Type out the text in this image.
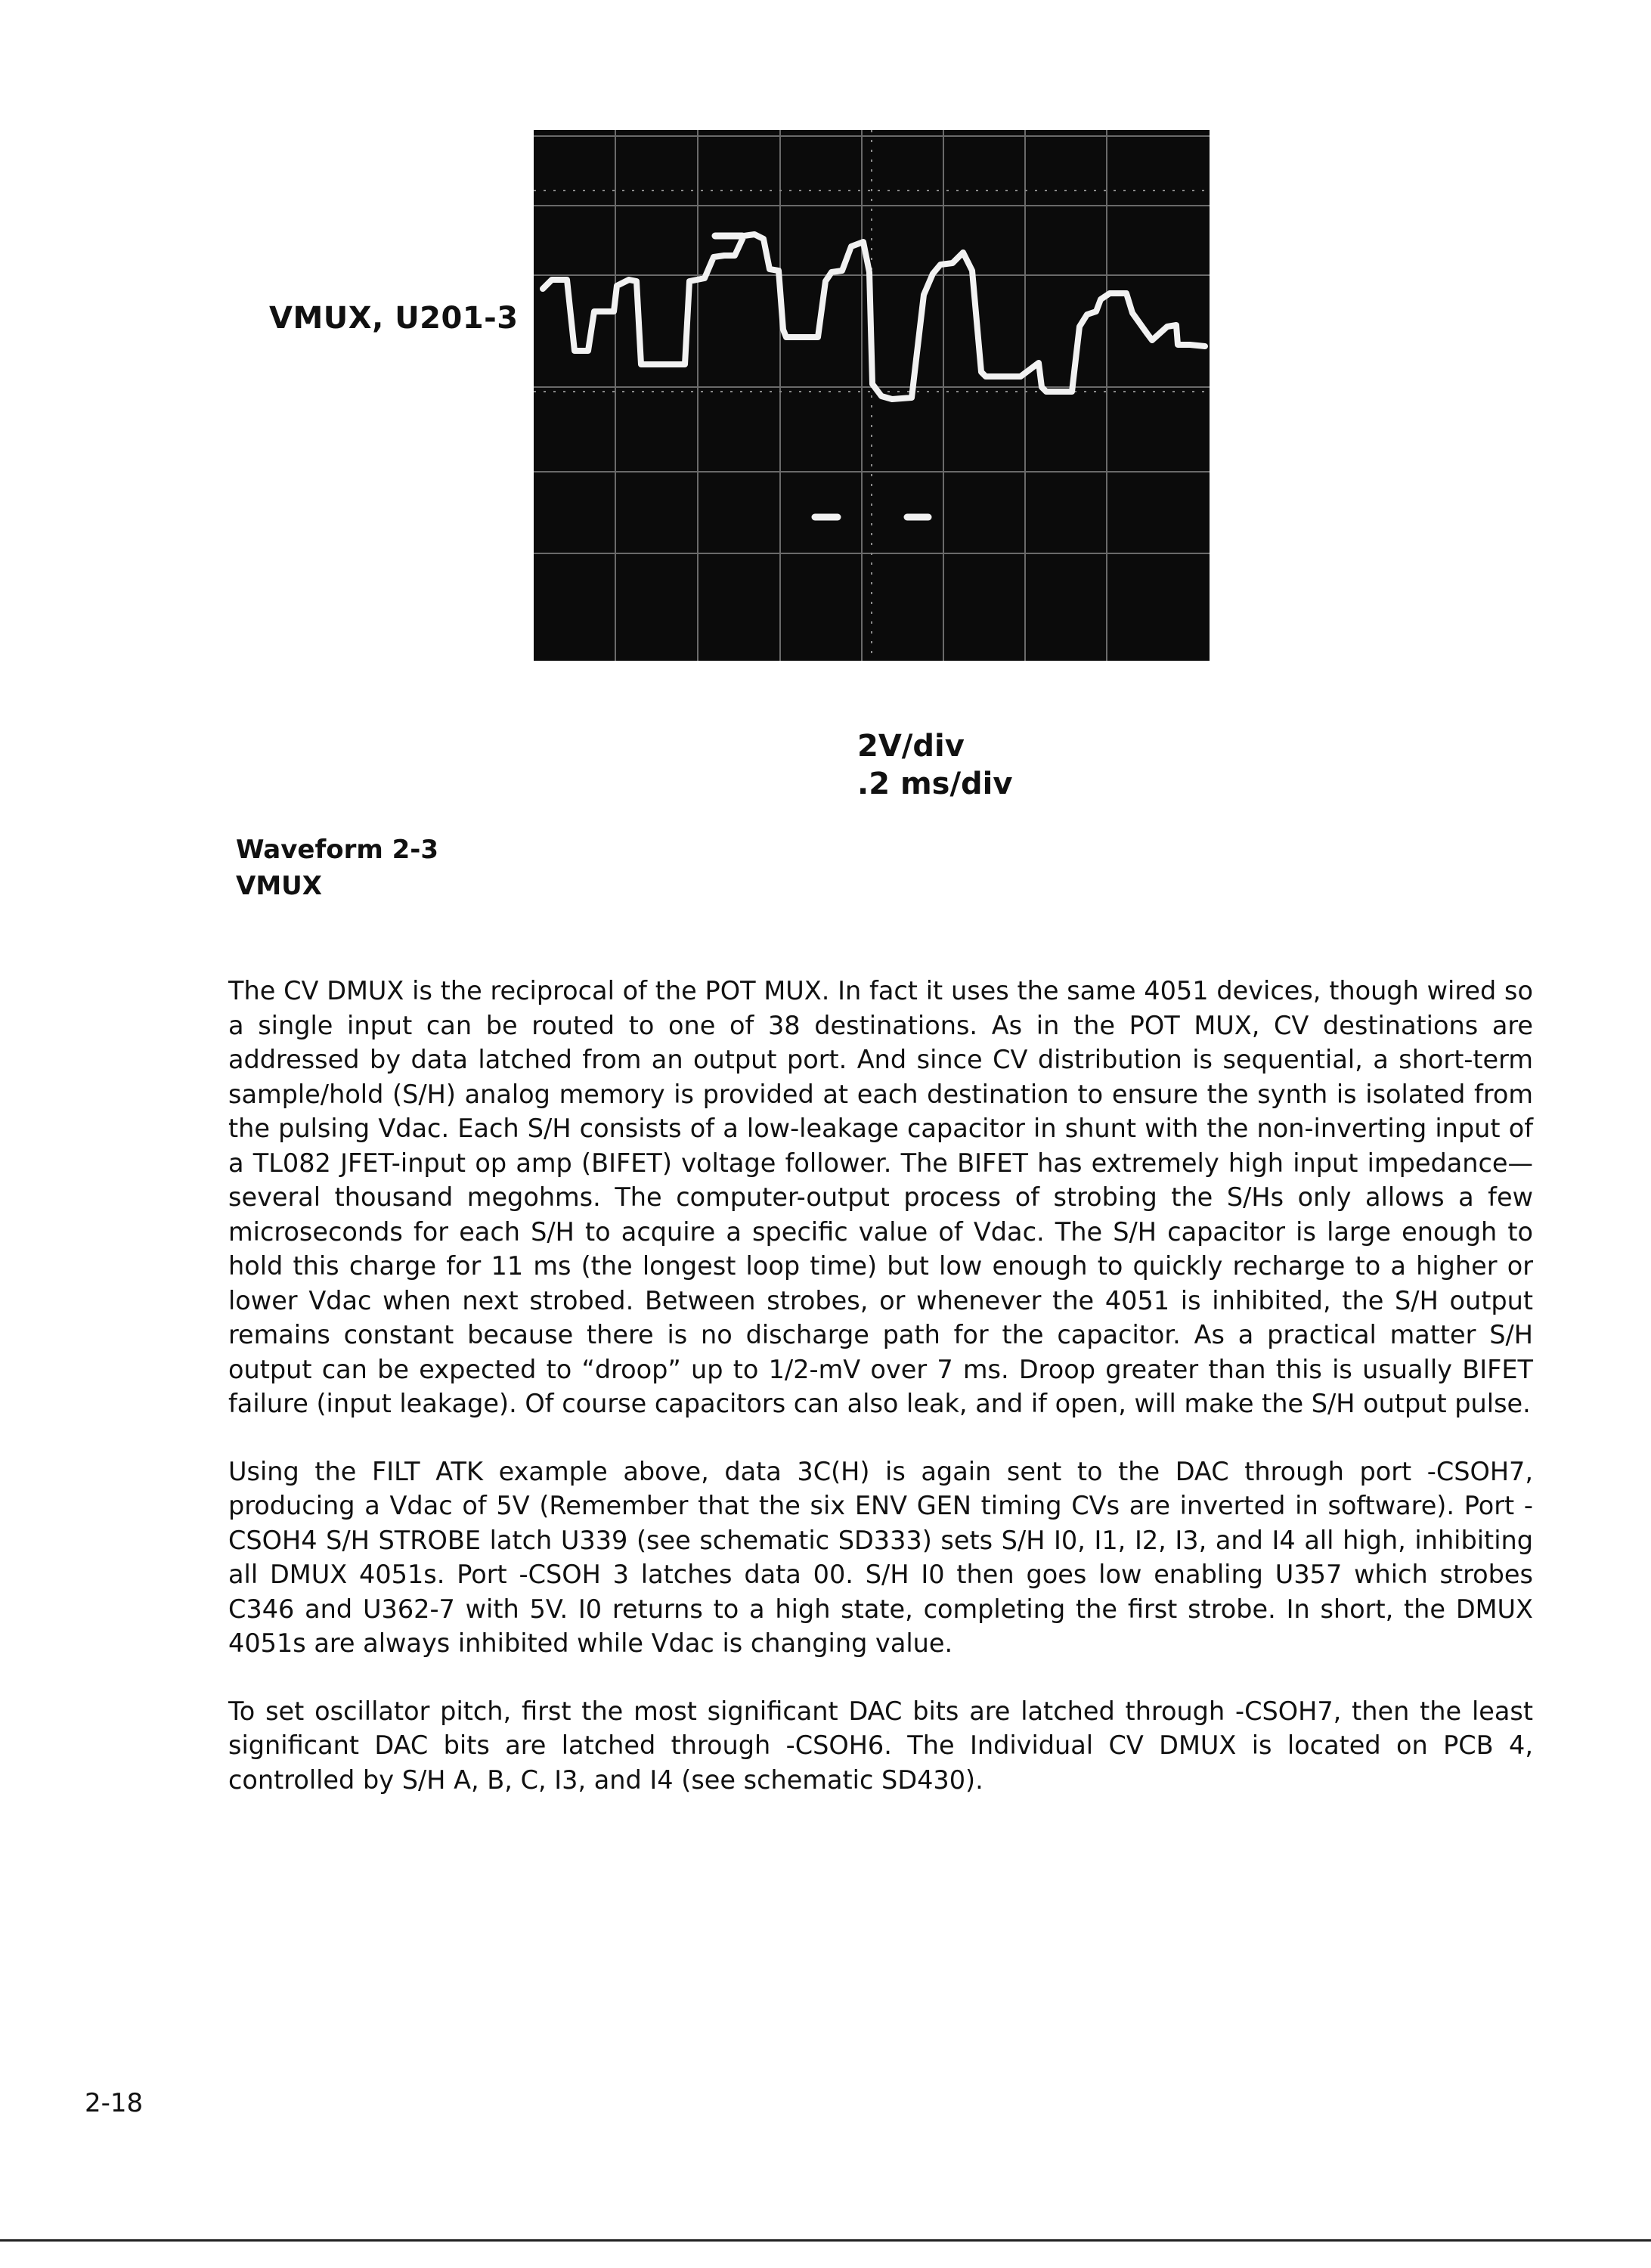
VMUX, U201-3
2V/div
.2 ms/div
Waveform 2-3
VMUX

The CV DMUX is the reciprocal of the POT MUX. In fact it uses the same 4051 devices, though wired so a single input can be routed to one of 38 destinations. As in the POT MUX, CV destinations are addressed by data latched from an output port. And since CV distribution is sequential, a short-term sample/hold (S/H) analog memory is provided at each destination to ensure the synth is isolated from the pulsing Vdac. Each S/H consists of a low-leakage capacitor in shunt with the non-inverting input of a TL082 JFET-input op amp (BIFET) voltage follower. The BIFET has extremely high input impedance—several thousand megohms. The computer-output process of strobing the S/Hs only allows a few microseconds for each S/H to acquire a specific value of Vdac. The S/H capacitor is large enough to hold this charge for 11 ms (the longest loop time) but low enough to quickly recharge to a higher or lower Vdac when next strobed. Between strobes, or whenever the 4051 is inhibited, the S/H output remains constant because there is no discharge path for the capacitor. As a practical matter S/H output can be expected to “droop” up to 1/2-mV over 7 ms. Droop greater than this is usually BIFET failure (input leakage). Of course capacitors can also leak, and if open, will make the S/H output pulse.

Using the FILT ATK example above, data 3C(H) is again sent to the DAC through port -CSOH7, producing a Vdac of 5V (Remember that the six ENV GEN timing CVs are inverted in software). Port -CSOH4 S/H STROBE latch U339 (see schematic SD333) sets S/H I0, I1, I2, I3, and I4 all high, inhibiting all DMUX 4051s. Port -CSOH 3 latches data 00. S/H I0 then goes low enabling U357 which strobes C346 and U362-7 with 5V. I0 returns to a high state, completing the first strobe. In short, the DMUX 4051s are always inhibited while Vdac is changing value.

To set oscillator pitch, first the most significant DAC bits are latched through -CSOH7, then the least significant DAC bits are latched through -CSOH6. The Individual CV DMUX is located on PCB 4, controlled by S/H A, B, C, I3, and I4 (see schematic SD430).

2-18
